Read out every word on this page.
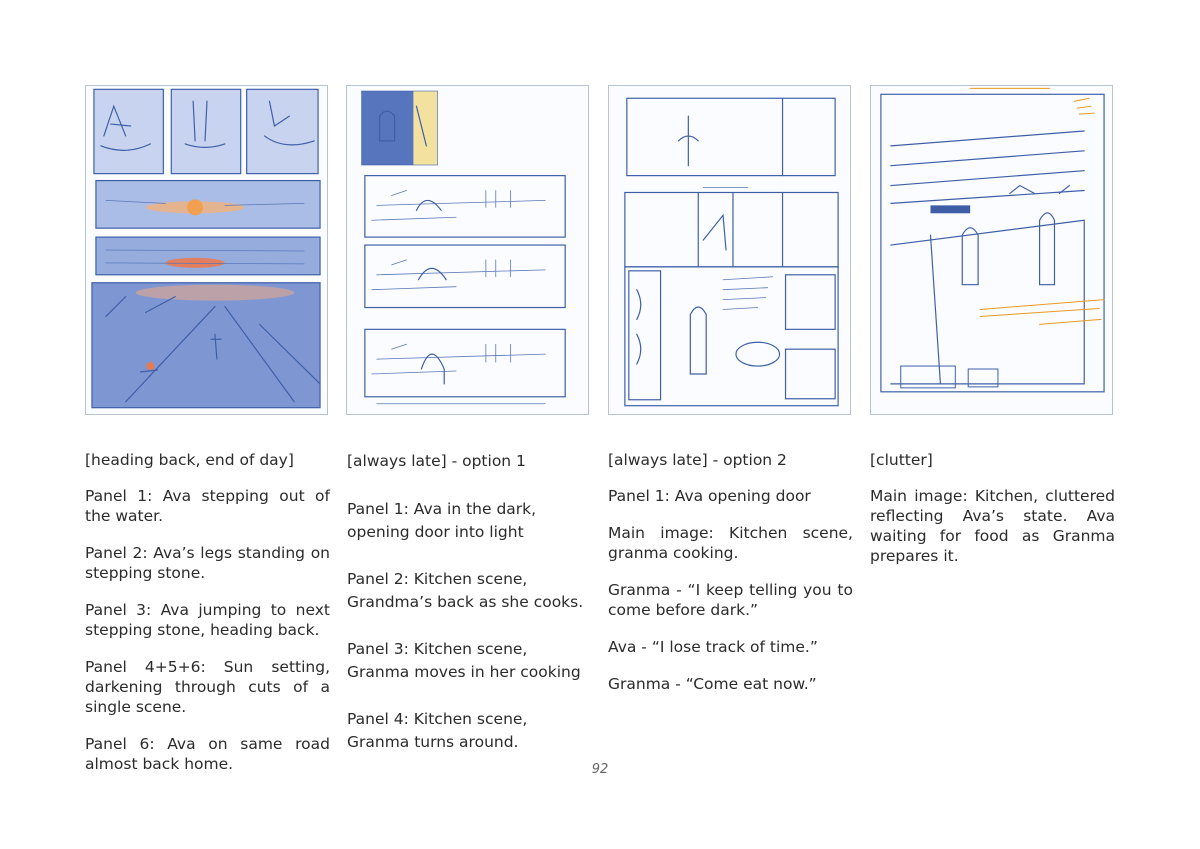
[heading back, end of day]

Panel 1: Ava stepping out of the water.

Panel 2: Ava’s legs standing on stepping stone.

Panel 3: Ava jumping to next stepping stone, heading back.

Panel 4+5+6: Sun setting, darkening through cuts of a single scene.

Panel 6: Ava on same road almost back home.

[always late] - option 1

Panel 1: Ava in the dark, opening door into light

Panel 2: Kitchen scene, Grandma’s back as she cooks.

Panel 3: Kitchen scene, Granma moves in her cooking

Panel 4: Kitchen scene, Granma turns around.

[always late] - option 2

Panel 1: Ava opening door

Main image: Kitchen scene, granma cooking.

Granma - “I keep telling you to come before dark.”

Ava - “I lose track of time.”

Granma - “Come eat now.”

[clutter]

Main image: Kitchen, cluttered reflecting Ava’s state. Ava waiting for food as Granma prepares it.

92
